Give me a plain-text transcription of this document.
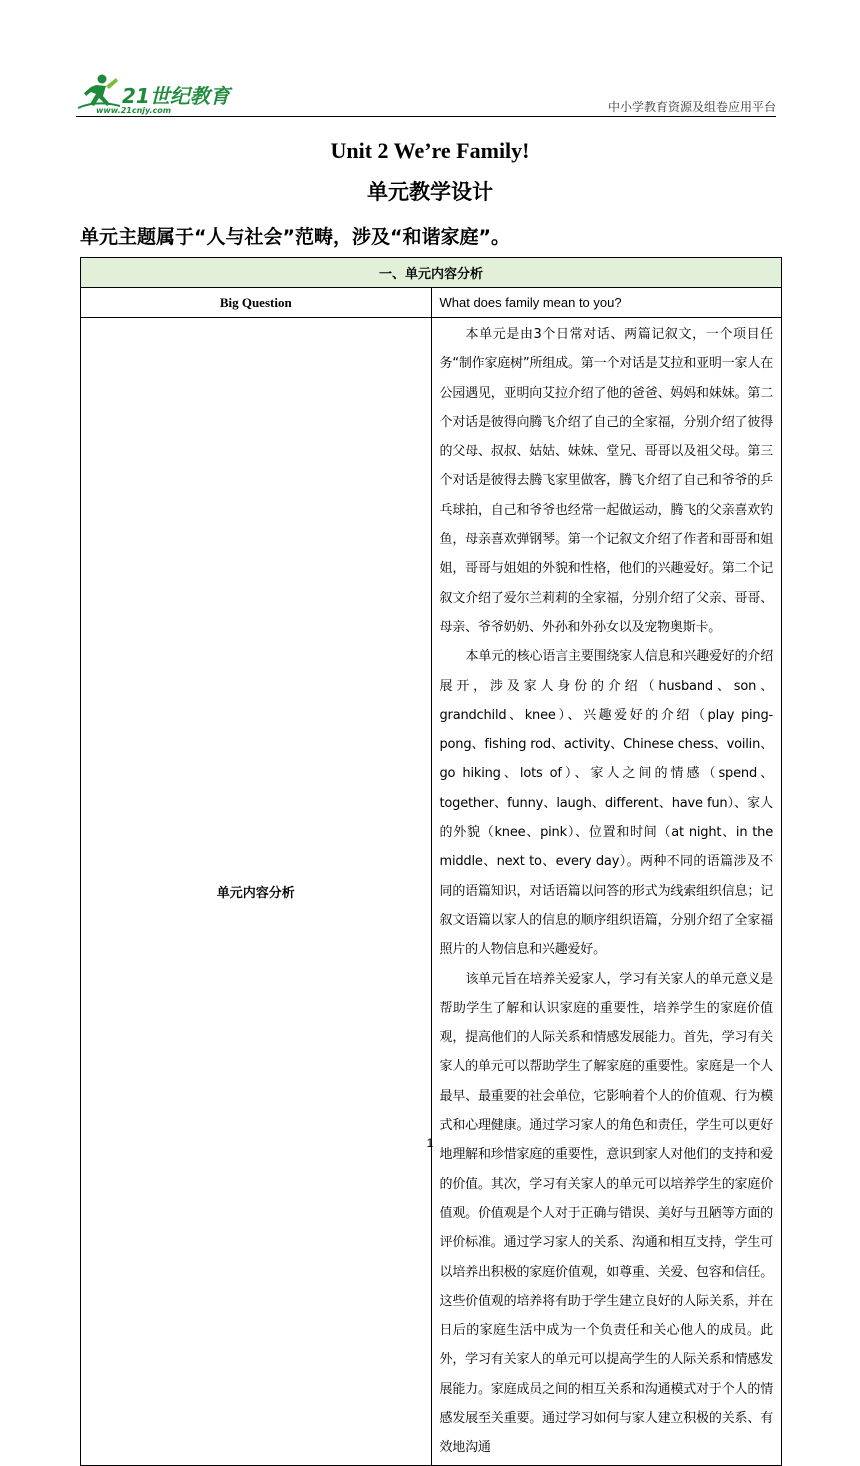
21世纪教育
www.21cnjy.com	中小学教育资源及组卷应用平台
Unit 2 We’re Family!
单元教学设计
单元主题属于“人与社会”范畴，涉及“和谐家庭”。
一、单元内容分析	
Big Question	What does family mean to you?
单元内容分析	本单元是由3个日常对话、两篇记叙文，一个项目任务“制作家庭树”所组成。第一个对话是艾拉和亚明一家人在公园遇见，亚明向艾拉介绍了他的爸爸、妈妈和妹妹。第二个对话是彼得向腾飞介绍了自己的全家福，分别介绍了彼得的父母、叔叔、姑姑、妹妹、堂兄、哥哥以及祖父母。第三个对话是彼得去腾飞家里做客，腾飞介绍了自己和爷爷的乒乓球拍，自己和爷爷也经常一起做运动，腾飞的父亲喜欢钓鱼，母亲喜欢弹钢琴。第一个记叙文介绍了作者和哥哥和姐姐，哥哥与姐姐的外貌和性格，他们的兴趣爱好。第二个记叙文介绍了爱尔兰莉莉的全家福，分别介绍了父亲、哥哥、母亲、爷爷奶奶、外孙和外孙女以及宠物奥斯卡。

本单元的核心语言主要围绕家人信息和兴趣爱好的介绍展开，涉及家人身份的介绍（husband、son、grandchild、knee）、兴趣爱好的介绍（play ping-pong、fishing rod、activity、Chinese chess、voilin、go hiking、lots of）、家人之间的情感（spend、together、funny、laugh、different、have fun）、家人的外貌（knee、pink）、位置和时间（at night、in the middle、next to、every day）。两种不同的语篇涉及不同的语篇知识，对话语篇以问答的形式为线索组织信息；记叙文语篇以家人的信息的顺序组织语篇，分别介绍了全家福照片的人物信息和兴趣爱好。

该单元旨在培养关爱家人，学习有关家人的单元意义是帮助学生了解和认识家庭的重要性，培养学生的家庭价值观，提高他们的人际关系和情感发展能力。首先，学习有关家人的单元可以帮助学生了解家庭的重要性。家庭是一个人最早、最重要的社会单位，它影响着个人的价值观、行为模式和心理健康。通过学习家人的角色和责任，学生可以更好地理解和珍惜家庭的重要性，意识到家人对他们的支持和爱的价值。其次，学习有关家人的单元可以培养学生的家庭价值观。价值观是个人对于正确与错误、美好与丑陋等方面的评价标准。通过学习家人的关系、沟通和相互支持，学生可以培养出积极的家庭价值观，如尊重、关爱、包容和信任。这些价值观的培养将有助于学生建立良好的人际关系，并在日后的家庭生活中成为一个负责任和关心他人的成员。此外，学习有关家人的单元可以提高学生的人际关系和情感发展能力。家庭成员之间的相互关系和沟通模式对于个人的情感发展至关重要。通过学习如何与家人建立积极的关系、有效地沟通

1
